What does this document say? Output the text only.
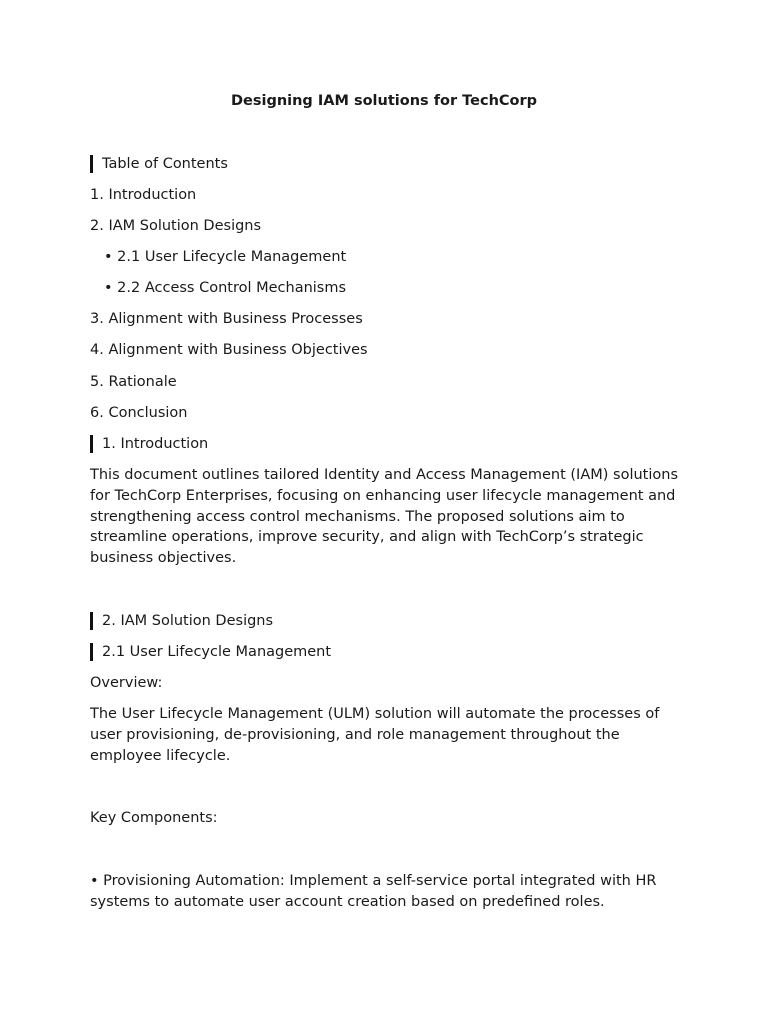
Designing IAM solutions for TechCorp
Table of Contents
1. Introduction
2. IAM Solution Designs
• 2.1 User Lifecycle Management
• 2.2 Access Control Mechanisms
3. Alignment with Business Processes
4. Alignment with Business Objectives
5. Rationale
6. Conclusion
1. Introduction
This document outlines tailored Identity and Access Management (IAM) solutions for TechCorp Enterprises, focusing on enhancing user lifecycle management and strengthening access control mechanisms. The proposed solutions aim to streamline operations, improve security, and align with TechCorp’s strategic business objectives.
2. IAM Solution Designs
2.1 User Lifecycle Management
Overview:
The User Lifecycle Management (ULM) solution will automate the processes of user provisioning, de-provisioning, and role management throughout the employee lifecycle.
Key Components:
• Provisioning Automation: Implement a self-service portal integrated with HR systems to automate user account creation based on predefined roles.
